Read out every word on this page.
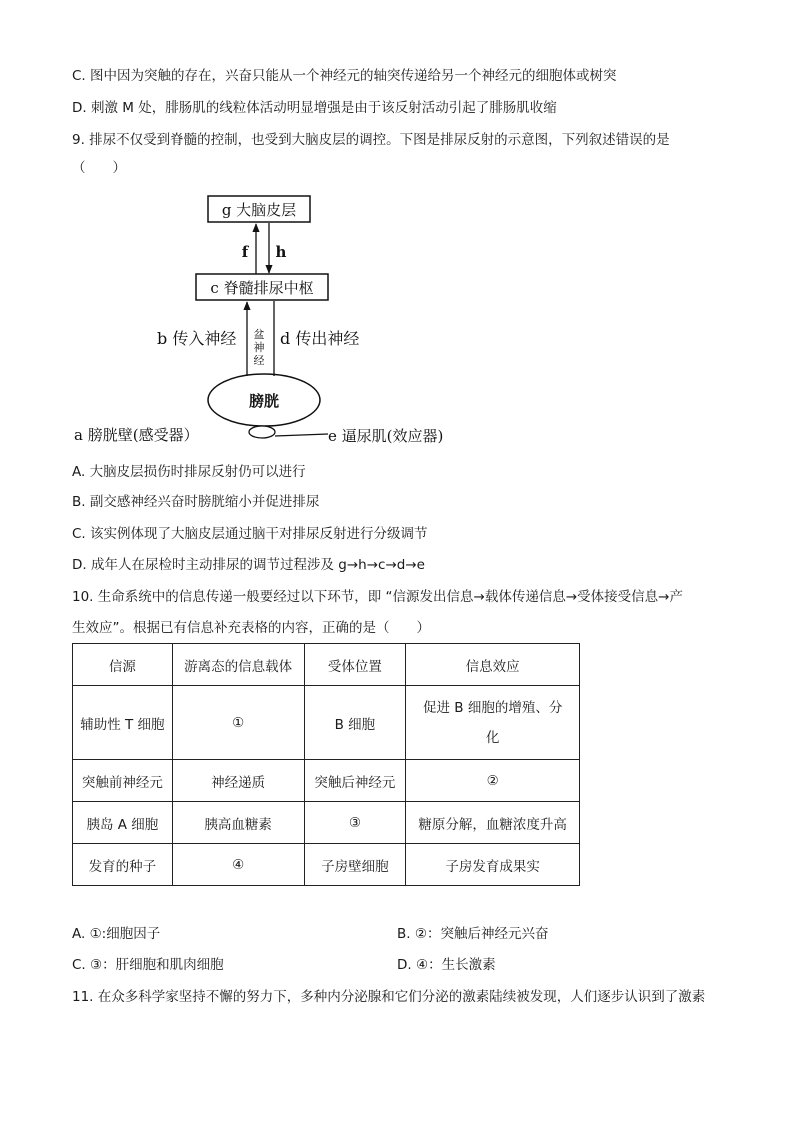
C. 图中因为突触的存在，兴奋只能从一个神经元的轴突传递给另一个神经元的细胞体或树突
D. 刺激 M 处，腓肠肌的线粒体活动明显增强是由于该反射活动引起了腓肠肌收缩
9. 排尿不仅受到脊髓的控制，也受到大脑皮层的调控。下图是排尿反射的示意图，下列叙述错误的是
（　　）
g 大脑皮层
f h
c 脊髓排尿中枢
b 传入神经 盆
神
经
d 传出神经
膀胱
a 膀胱壁(感受器）	e 逼尿肌(效应器)
A. 大脑皮层损伤时排尿反射仍可以进行
B. 副交感神经兴奋时膀胱缩小并促进排尿
C. 该实例体现了大脑皮层通过脑干对排尿反射进行分级调节
D. 成年人在尿检时主动排尿的调节过程涉及 g→h→c→d→e
10. 生命系统中的信息传递一般要经过以下环节，即 “信源发出信息→载体传递信息→受体接受信息→产
生效应”。根据已有信息补充表格的内容，正确的是（　　）
信源	游离态的信息载体	受体位置	信息效应
辅助性 T 细胞	①	B 细胞	促进 B 细胞的增殖、分化
突触前神经元	神经递质	突触后神经元	②
胰岛 A 细胞	胰高血糖素	③	糖原分解，血糖浓度升高
发育的种子	④	子房壁细胞	子房发育成果实
A. ①:细胞因子	B. ②：突触后神经元兴奋
C. ③：肝细胞和肌肉细胞	D. ④：生长激素
11. 在众多科学家坚持不懈的努力下，多种内分泌腺和它们分泌的激素陆续被发现，人们逐步认识到了激素
